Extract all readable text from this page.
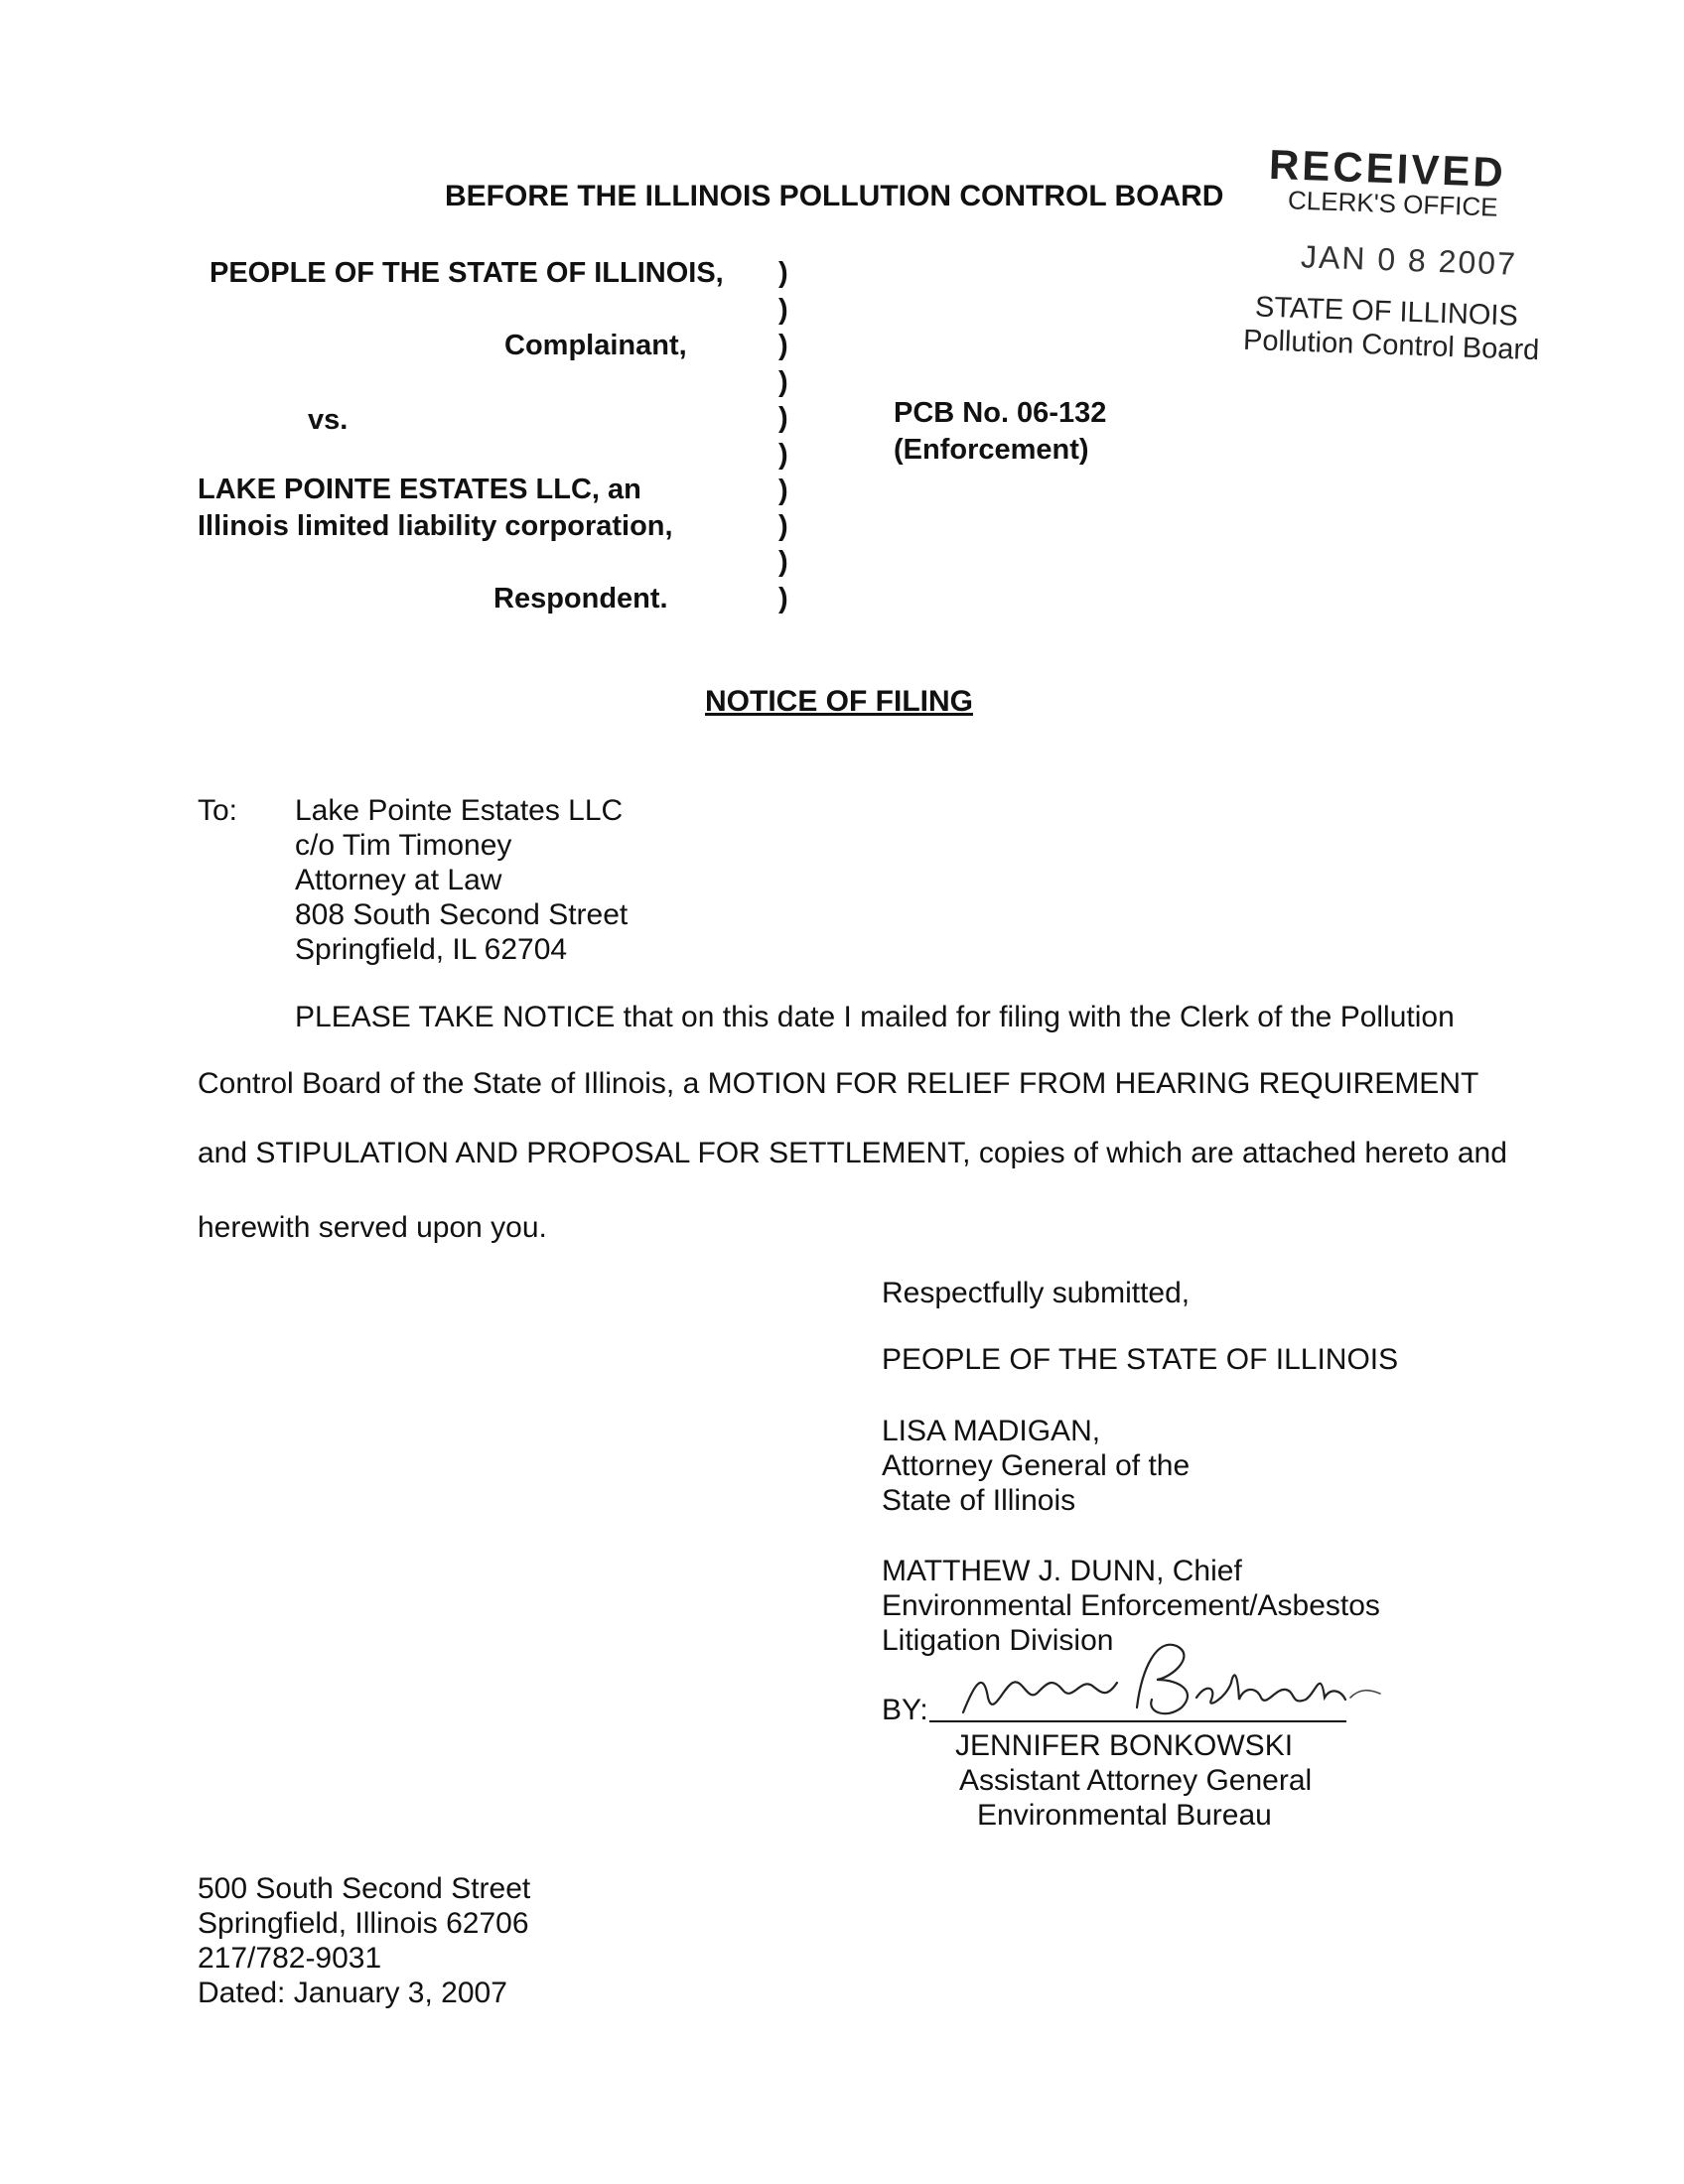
BEFORE THE ILLINOIS POLLUTION CONTROL BOARD
RECEIVED
CLERK'S OFFICE
JAN 0 8 2007
STATE OF ILLINOIS
Pollution Control Board
PEOPLE OF THE STATE OF ILLINOIS,
Complainant,
vs.
LAKE POINTE ESTATES LLC, an
Illinois limited liability corporation,
Respondent.
)
)
)
)
)
)
)
)
)
)
PCB No. 06-132
(Enforcement)
NOTICE OF FILING
To: Lake Pointe Estates LLC
c/o Tim Timoney
Attorney at Law
808 South Second Street
Springfield, IL 62704
PLEASE TAKE NOTICE that on this date I mailed for filing with the Clerk of the Pollution
Control Board of the State of Illinois, a MOTION FOR RELIEF FROM HEARING REQUIREMENT
and STIPULATION AND PROPOSAL FOR SETTLEMENT, copies of which are attached hereto and
herewith served upon you.
Respectfully submitted,
PEOPLE OF THE STATE OF ILLINOIS
LISA MADIGAN,
Attorney General of the
State of Illinois
MATTHEW J. DUNN, Chief
Environmental Enforcement/Asbestos
Litigation Division
BY:
JENNIFER BONKOWSKI
Assistant Attorney General
Environmental Bureau
500 South Second Street
Springfield, Illinois 62706
217/782-9031
Dated: January 3, 2007
